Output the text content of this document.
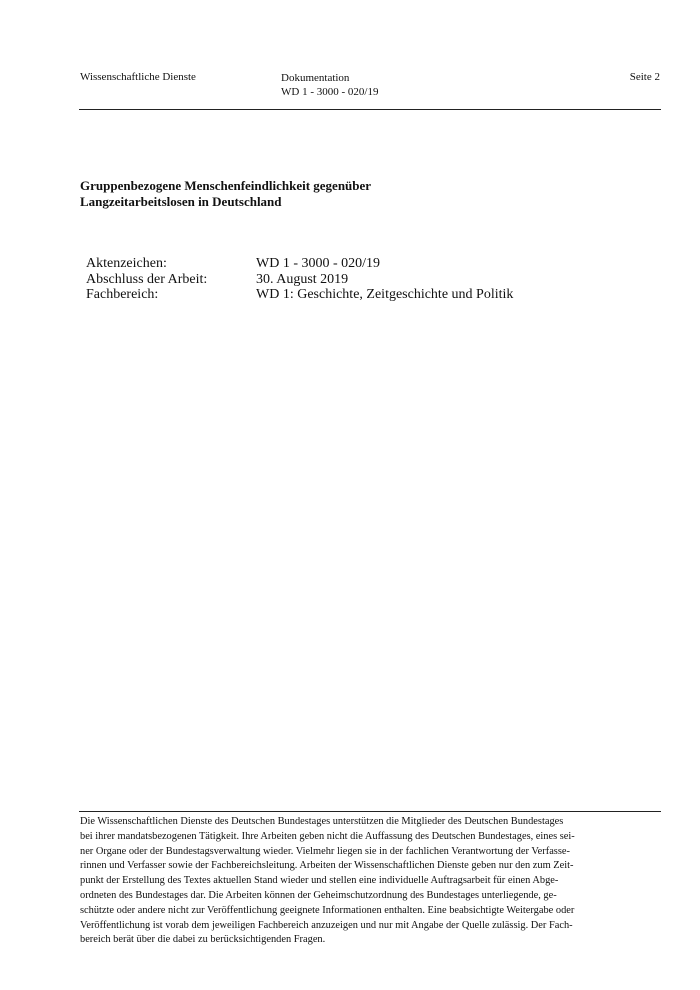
Wissenschaftliche Dienste	Dokumentation
WD 1 - 3000 - 020/19
Seite 2
Gruppenbezogene Menschenfeindlichkeit gegenüber
Langzeitarbeitslosen in Deutschland
Aktenzeichen:	WD 1 - 3000 - 020/19
Abschluss der Arbeit:	30. August 2019
Fachbereich:	WD 1: Geschichte, Zeitgeschichte und Politik
Die Wissenschaftlichen Dienste des Deutschen Bundestages unterstützen die Mitglieder des Deutschen Bundestages
bei ihrer mandatsbezogenen Tätigkeit. Ihre Arbeiten geben nicht die Auffassung des Deutschen Bundestages, eines sei-
ner Organe oder der Bundestagsverwaltung wieder. Vielmehr liegen sie in der fachlichen Verantwortung der Verfasse-
rinnen und Verfasser sowie der Fachbereichsleitung. Arbeiten der Wissenschaftlichen Dienste geben nur den zum Zeit-
punkt der Erstellung des Textes aktuellen Stand wieder und stellen eine individuelle Auftragsarbeit für einen Abge-
ordneten des Bundestages dar. Die Arbeiten können der Geheimschutzordnung des Bundestages unterliegende, ge-
schützte oder andere nicht zur Veröffentlichung geeignete Informationen enthalten. Eine beabsichtigte Weitergabe oder
Veröffentlichung ist vorab dem jeweiligen Fachbereich anzuzeigen und nur mit Angabe der Quelle zulässig. Der Fach-
bereich berät über die dabei zu berücksichtigenden Fragen.
